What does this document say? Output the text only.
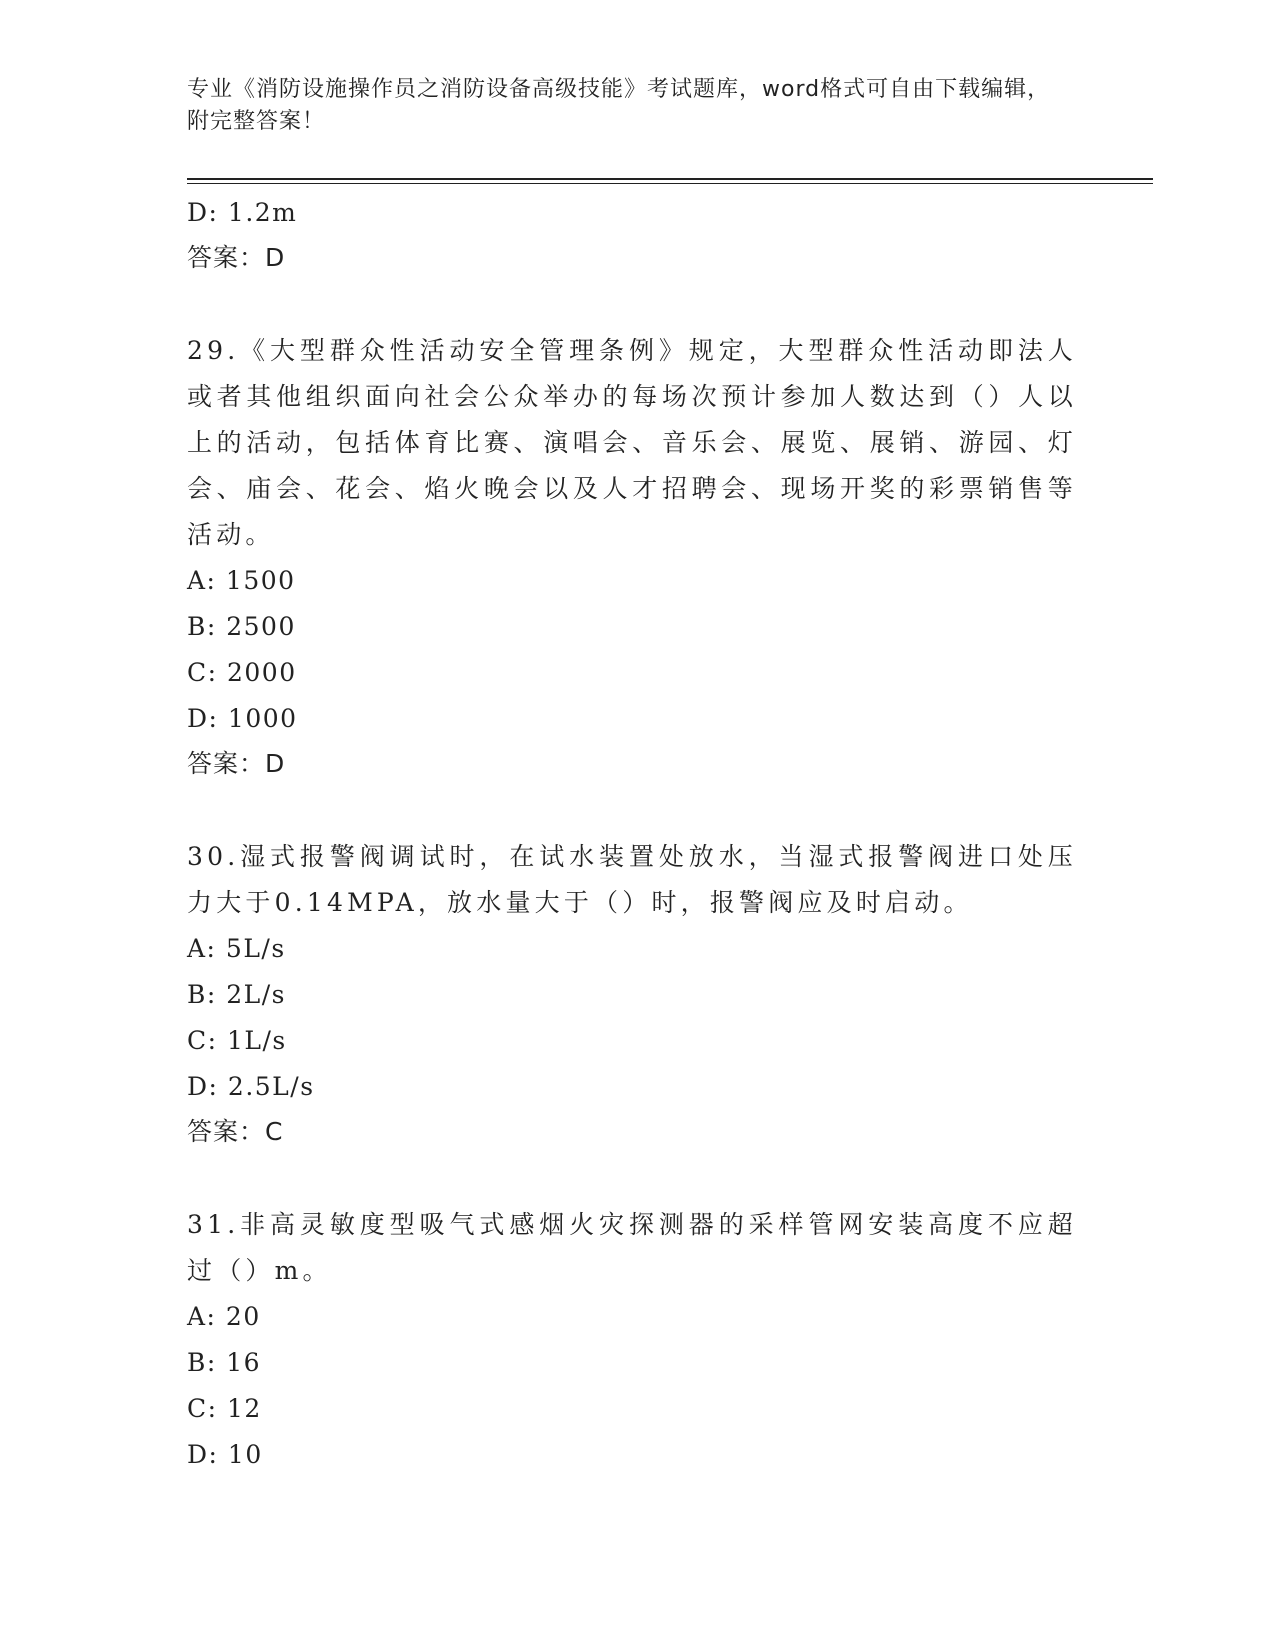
专业《消防设施操作员之消防设备高级技能》考试题库，word格式可自由下载编辑，附完整答案！
D: 1.2m
答案：D
29.《大型群众性活动安全管理条例》规定，大型群众性活动即法人或者其他组织面向社会公众举办的每场次预计参加人数达到（）人以上的活动，包括体育比赛、演唱会、音乐会、展览、展销、游园、灯会、庙会、花会、焰火晚会以及人才招聘会、现场开奖的彩票销售等活动。
A: 1500
B: 2500
C: 2000
D: 1000
答案：D
30.湿式报警阀调试时，在试水装置处放水，当湿式报警阀进口处压力大于0.14MPA，放水量大于（）时，报警阀应及时启动。
A: 5L/s
B: 2L/s
C: 1L/s
D: 2.5L/s
答案：C
31.非高灵敏度型吸气式感烟火灾探测器的采样管网安装高度不应超过（）m。
A: 20
B: 16
C: 12
D: 10
